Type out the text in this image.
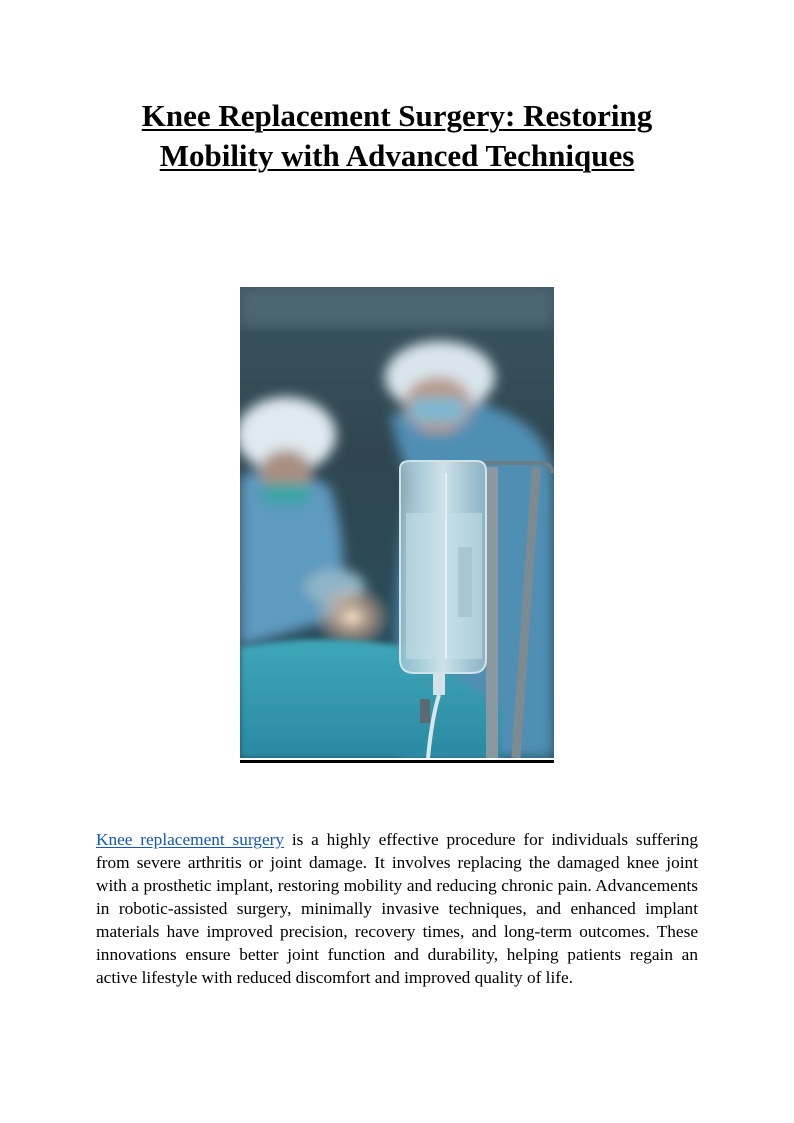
Knee Replacement Surgery: Restoring Mobility with Advanced Techniques

Knee replacement surgery is a highly effective procedure for individuals suffering from severe arthritis or joint damage. It involves replacing the damaged knee joint with a prosthetic implant, restoring mobility and reducing chronic pain. Advancements in robotic-assisted surgery, minimally invasive techniques, and enhanced implant materials have improved precision, recovery times, and long-term outcomes. These innovations ensure better joint function and durability, helping patients regain an active lifestyle with reduced discomfort and improved quality of life.
